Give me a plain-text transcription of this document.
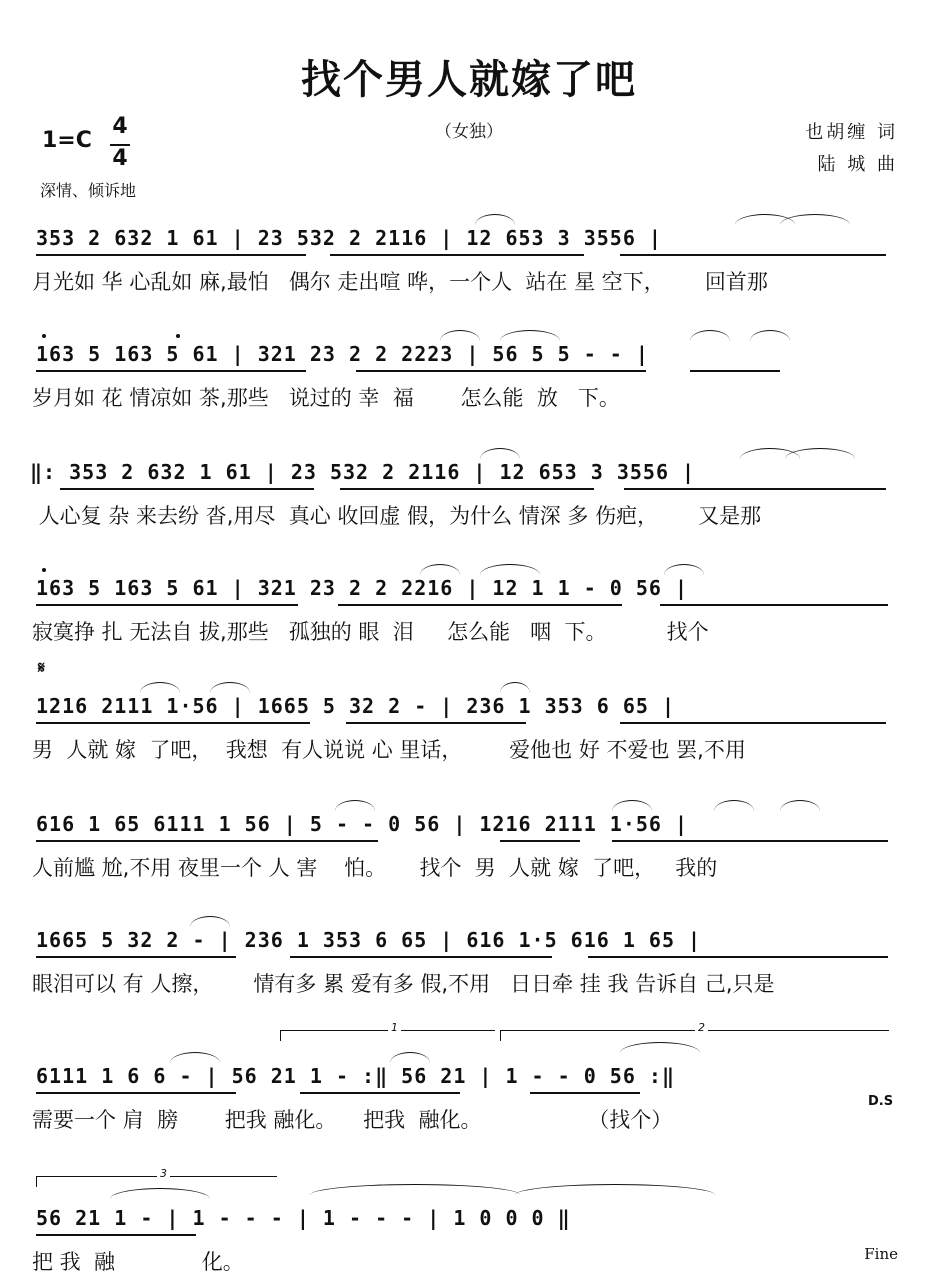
找个男人就嫁了吧
（女独）	也胡缠 词
陆 城 曲
1=C
4
4
深情、倾诉地
353 2 632 1 61 | 23 532 2 2116 | 12 653 3 3556 |
月光如 华 心乱如 麻,最怕   偶尔 走出喧 哗，一个人  站在 星 空下，      回首那
163 5 163 5 61 | 321 23 2 2 2223 | 56 5 5 - - |
岁月如 花 情凉如 茶,那些   说过的 幸  福       怎么能  放   下。
‖: 353 2 632 1 61 | 23 532 2 2116 | 12 653 3 3556 |
人心复 杂 来去纷 沓,用尽  真心 收回虚 假，为什么 情深 多 伤疤，      又是那
163 5 163 5 61 | 321 23 2 2 2216 | 12 1 1 - 0 56 |
寂寞挣 扎 无法自 拔,那些   孤独的 眼  泪     怎么能   咽  下。         找个
𝄋
1216 2111 1·56 | 1665 5 32 2 - | 236 1 353 6 65 |
男  人就 嫁  了吧，  我想  有人说说 心 里话，       爱他也 好 不爱也 罢,不用
616 1 65 6111 1 56 | 5 - - 0 56 | 1216 2111 1·56 |
人前尴 尬,不用 夜里一个 人 害    怕。     找个  男  人就 嫁  了吧，   我的
1665 5 32 2 - | 236 1 353 6 65 | 616 1·5 616 1 65 |
眼泪可以 有 人擦，      情有多 累 爱有多 假,不用   日日牵 挂 我 告诉自 己,只是
1	2
6111 1 6 6 - | 56 21 1 - :‖ 56 21 | 1 - - 0 56 :‖
需要一个 肩  膀       把我 融化。    把我  融化。                （找个）
D.S
3
56 21 1 - | 1 - - - | 1 - - - | 1 0 0 0 ‖
把 我  融             化。	Fine
